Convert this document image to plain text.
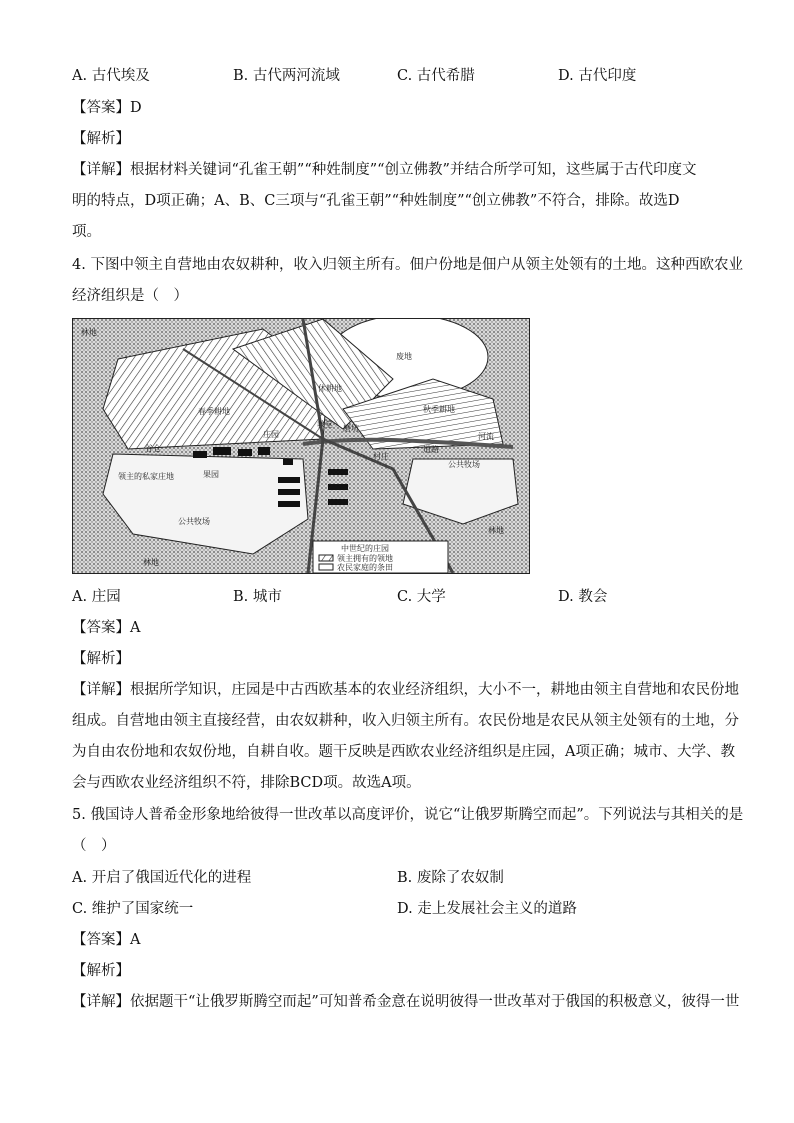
A. 古代埃及	B. 古代两河流域	C. 古代希腊	D. 古代印度
【答案】D
【解析】
【详解】根据材料关键词“孔雀王朝”“种姓制度”“创立佛教”并结合所学可知，这些属于古代印度文
明的特点，D项正确；A、B、C三项与“孔雀王朝”“种姓制度”“创立佛教”不符合，排除。故选D
项。
4. 下图中领主自营地由农奴耕种，收入归领主所有。佃户份地是佃户从领主处领有的土地。这种西欧农业
经济组织是（　）
废地
休耕地
春季耕地	秋季耕地
教堂 磨坊
河流
道路
村庄
庄园
公共牧场
公共牧场
林地
林地
林地
领主的私家庄地
谷仓
果园
中世纪的庄园
领主拥有的领地
农民家庭的条田
A. 庄园	B. 城市	C. 大学	D. 教会
【答案】A
【解析】
【详解】根据所学知识，庄园是中古西欧基本的农业经济组织，大小不一，耕地由领主自营地和农民份地
组成。自营地由领主直接经营，由农奴耕种，收入归领主所有。农民份地是农民从领主处领有的土地，分
为自由农份地和农奴份地，自耕自收。题干反映是西欧农业经济组织是庄园，A项正确；城市、大学、教
会与西欧农业经济组织不符，排除BCD项。故选A项。
5. 俄国诗人普希金形象地给彼得一世改革以高度评价，说它“让俄罗斯腾空而起”。下列说法与其相关的是
（　）
A. 开启了俄国近代化的进程	B. 废除了农奴制
C. 维护了国家统一	D. 走上发展社会主义的道路
【答案】A
【解析】
【详解】依据题干“让俄罗斯腾空而起”可知普希金意在说明彼得一世改革对于俄国的积极意义，彼得一世
